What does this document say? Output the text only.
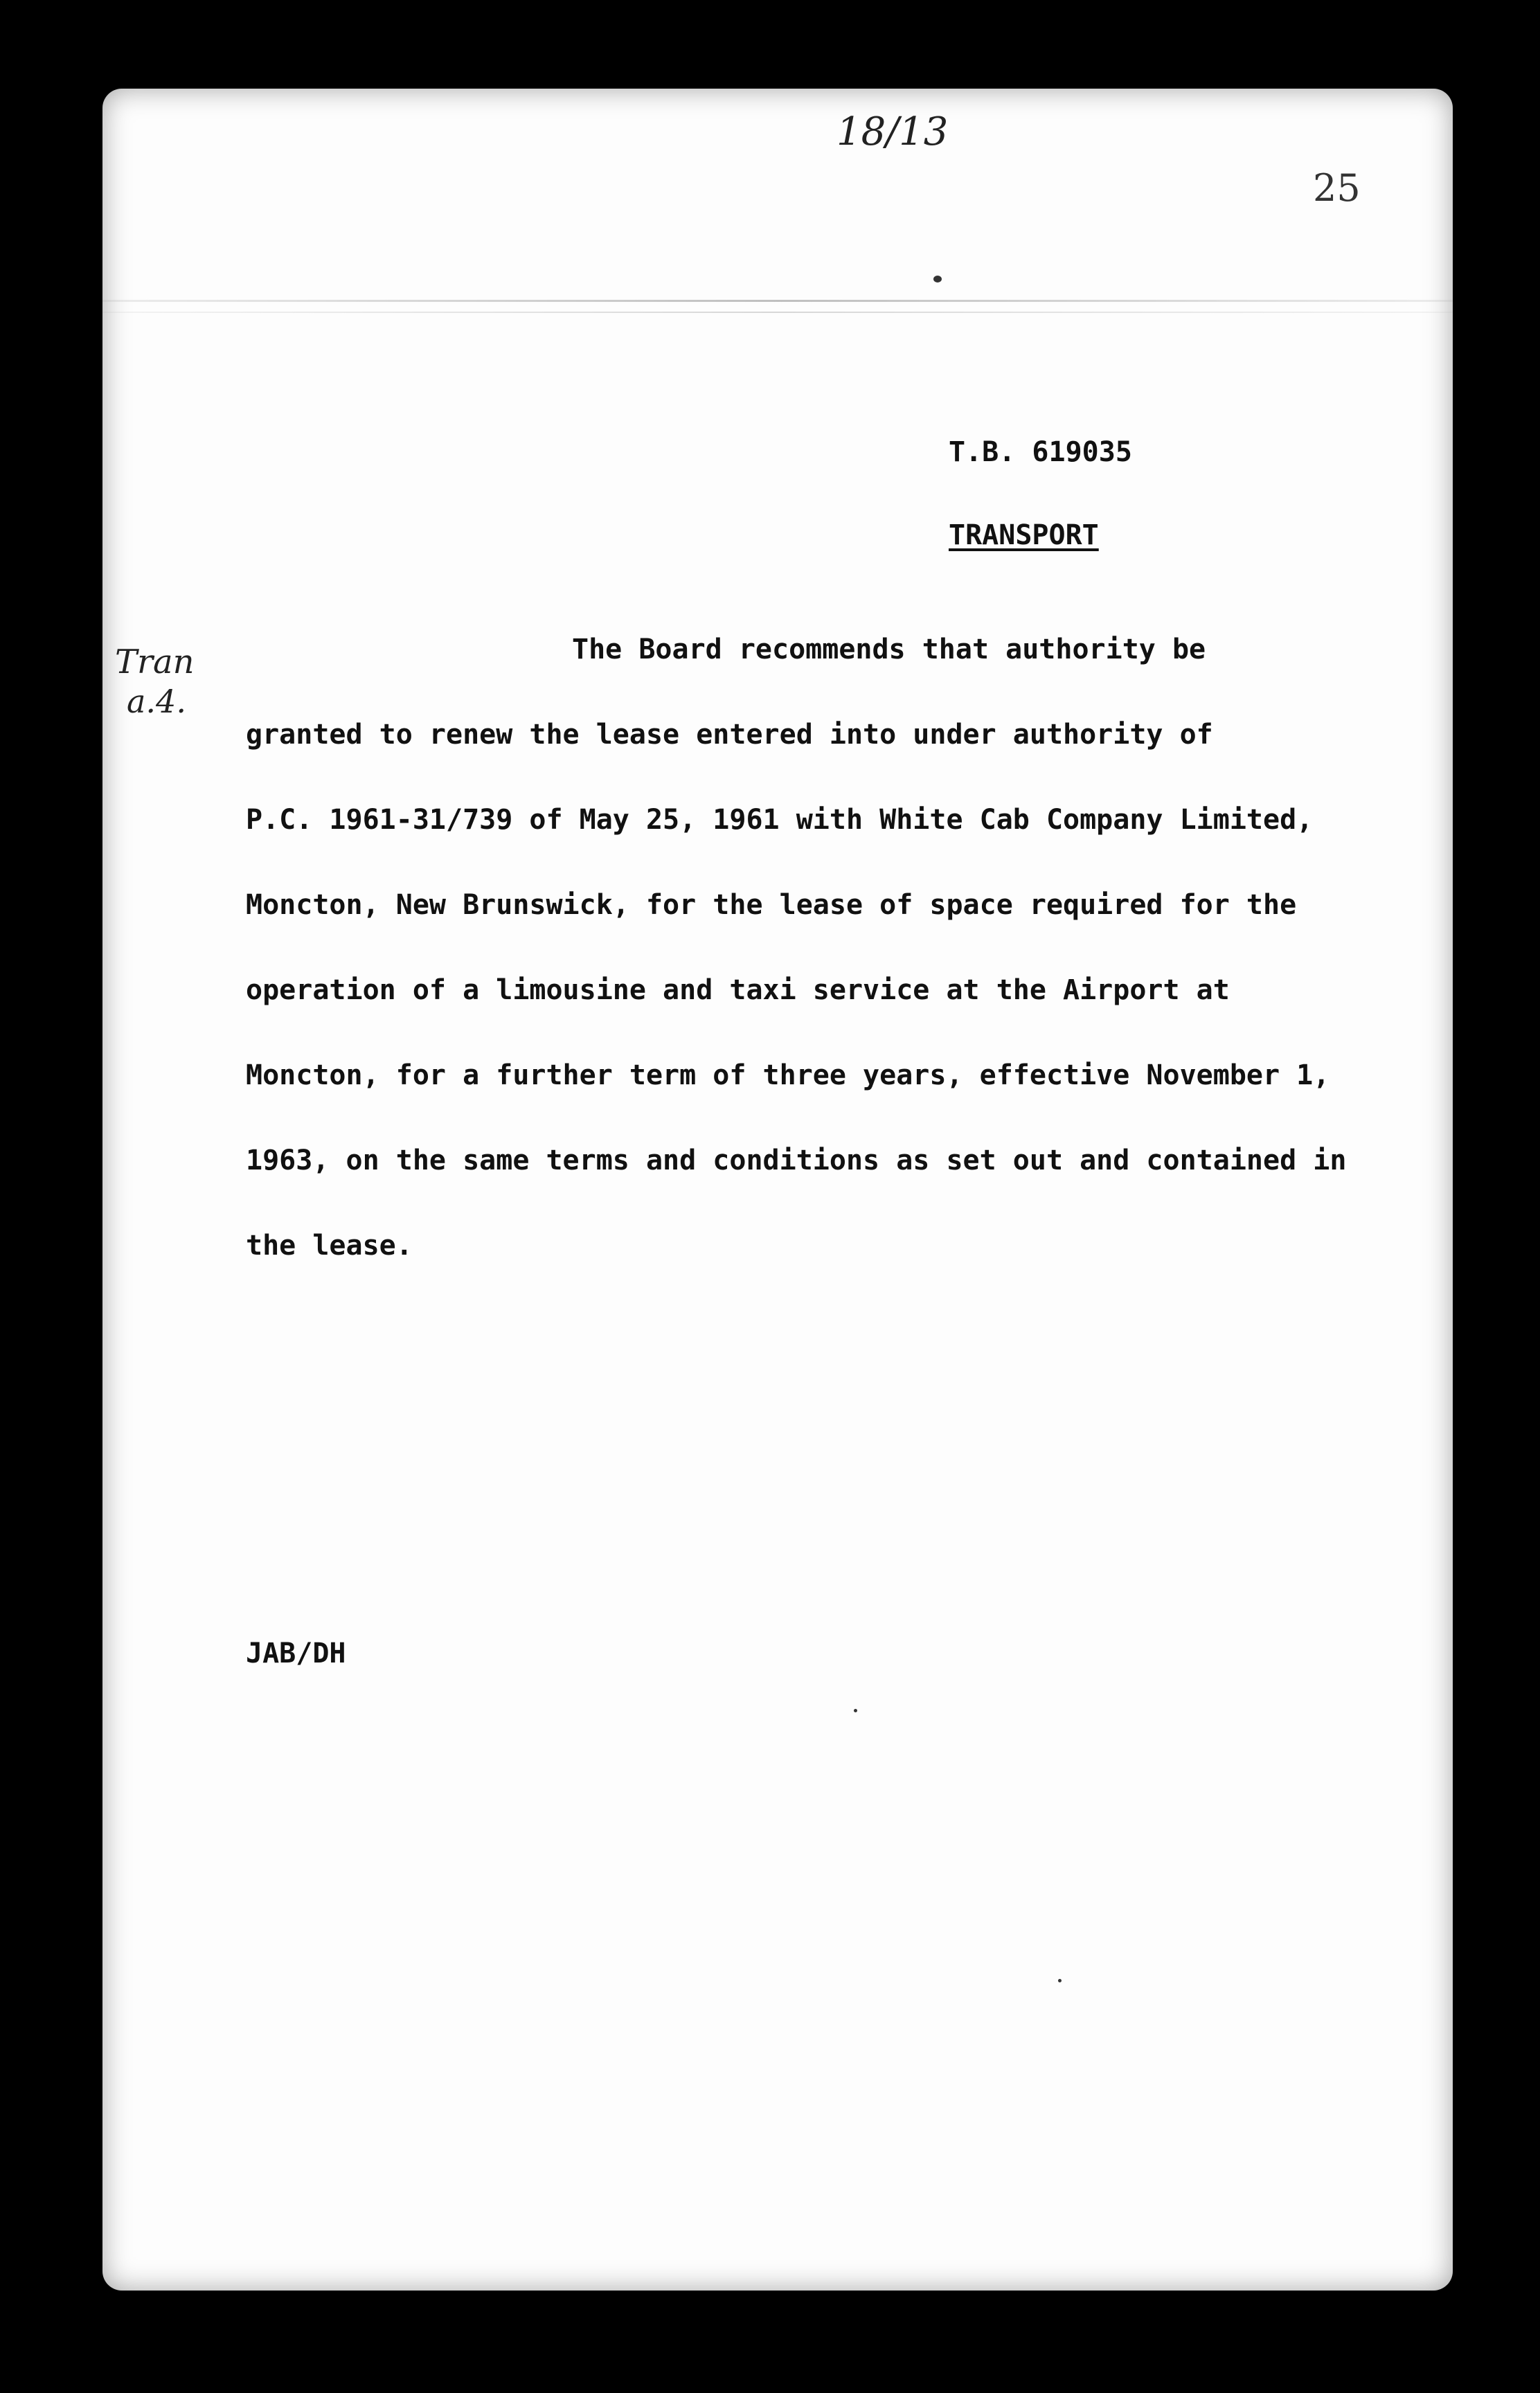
18/13
25
T.B. 619035
TRANSPORT
Tran
a.4.
The Board recommends that authority be
granted to renew the lease entered into under authority of
P.C. 1961-31/739 of May 25, 1961 with White Cab Company Limited,
Moncton, New Brunswick, for the lease of space required for the
operation of a limousine and taxi service at the Airport at
Moncton, for a further term of three years, effective November 1,
1963, on the same terms and conditions as set out and contained in
the lease.
JAB/DH
